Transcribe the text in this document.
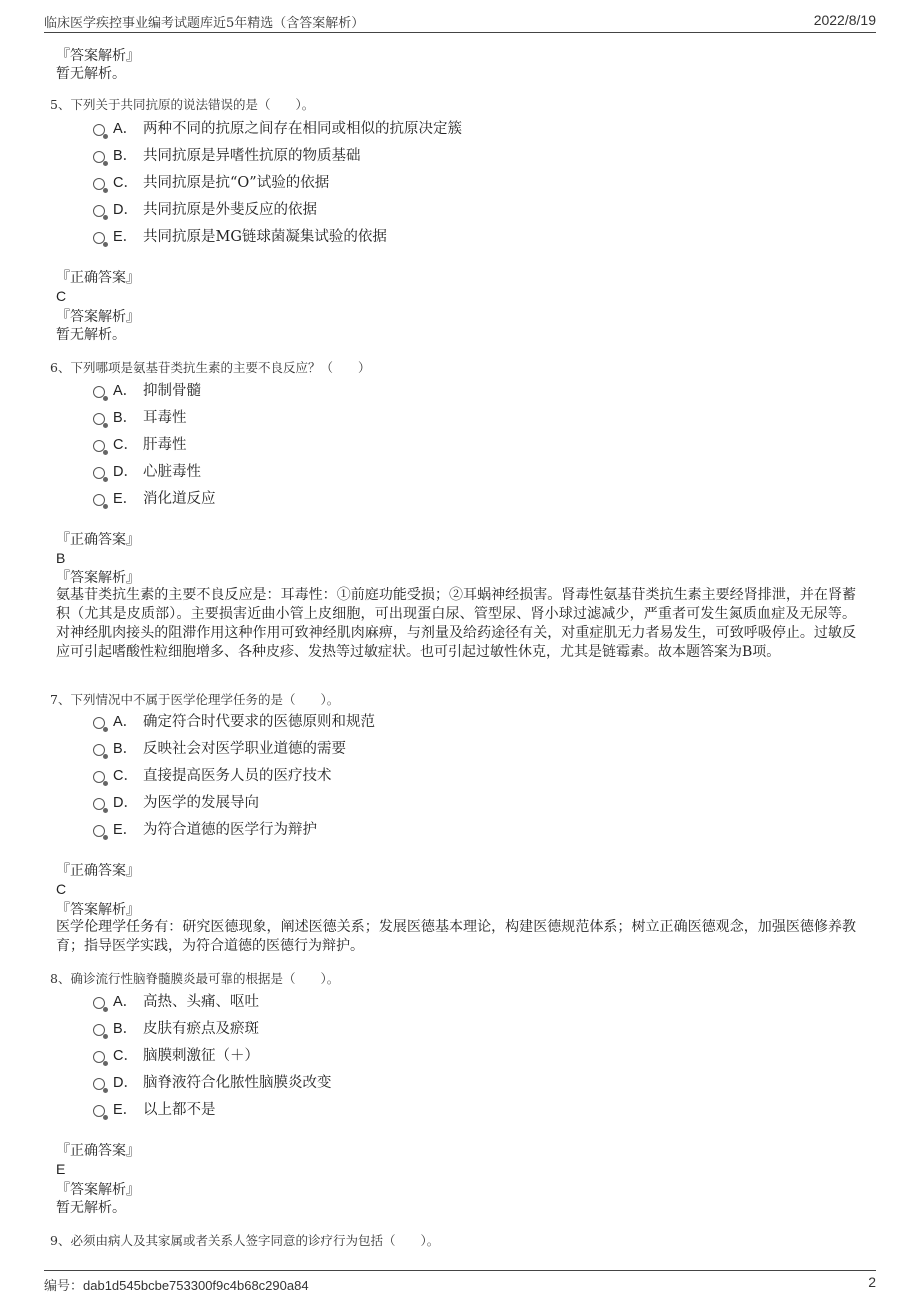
临床医学疾控事业编考试题库近5年精选（含答案解析）	2022/8/19
『答案解析』
暂无解析。
5、下列关于共同抗原的说法错误的是（　　）。
A． 两种不同的抗原之间存在相同或相似的抗原决定簇
B． 共同抗原是异嗜性抗原的物质基础
C． 共同抗原是抗“O”试验的依据
D． 共同抗原是外斐反应的依据
E． 共同抗原是MG链球菌凝集试验的依据
『正确答案』
C
『答案解析』
暂无解析。
6、下列哪项是氨基苷类抗生素的主要不良反应？（　　）
A． 抑制骨髓
B． 耳毒性
C． 肝毒性
D． 心脏毒性
E． 消化道反应
『正确答案』
B
『答案解析』
氨基苷类抗生素的主要不良反应是：耳毒性：①前庭功能受损；②耳蜗神经损害。肾毒性氨基苷类抗生素主要经肾排泄，并在肾蓄积（尤其是皮质部）。主要损害近曲小管上皮细胞，可出现蛋白尿、管型尿、肾小球过滤减少，严重者可发生氮质血症及无尿等。对神经肌肉接头的阻滞作用这种作用可致神经肌肉麻痹，与剂量及给药途径有关，对重症肌无力者易发生，可致呼吸停止。过敏反应可引起嗜酸性粒细胞增多、各种皮疹、发热等过敏症状。也可引起过敏性休克，尤其是链霉素。故本题答案为B项。
7、下列情况中不属于医学伦理学任务的是（　　）。
A． 确定符合时代要求的医德原则和规范
B． 反映社会对医学职业道德的需要
C． 直接提高医务人员的医疗技术
D． 为医学的发展导向
E． 为符合道德的医学行为辩护
『正确答案』
C
『答案解析』
医学伦理学任务有：研究医德现象，阐述医德关系；发展医德基本理论，构建医德规范体系；树立正确医德观念，加强医德修养教育；指导医学实践，为符合道德的医德行为辩护。
8、确诊流行性脑脊髓膜炎最可靠的根据是（　　）。
A． 高热、头痛、呕吐
B． 皮肤有瘀点及瘀斑
C． 脑膜刺激征（＋）
D． 脑脊液符合化脓性脑膜炎改变
E． 以上都不是
『正确答案』
E
『答案解析』
暂无解析。
9、必须由病人及其家属或者关系人签字同意的诊疗行为包括（　　）。
编号：dab1d545bcbe753300f9c4b68c290a84	2
